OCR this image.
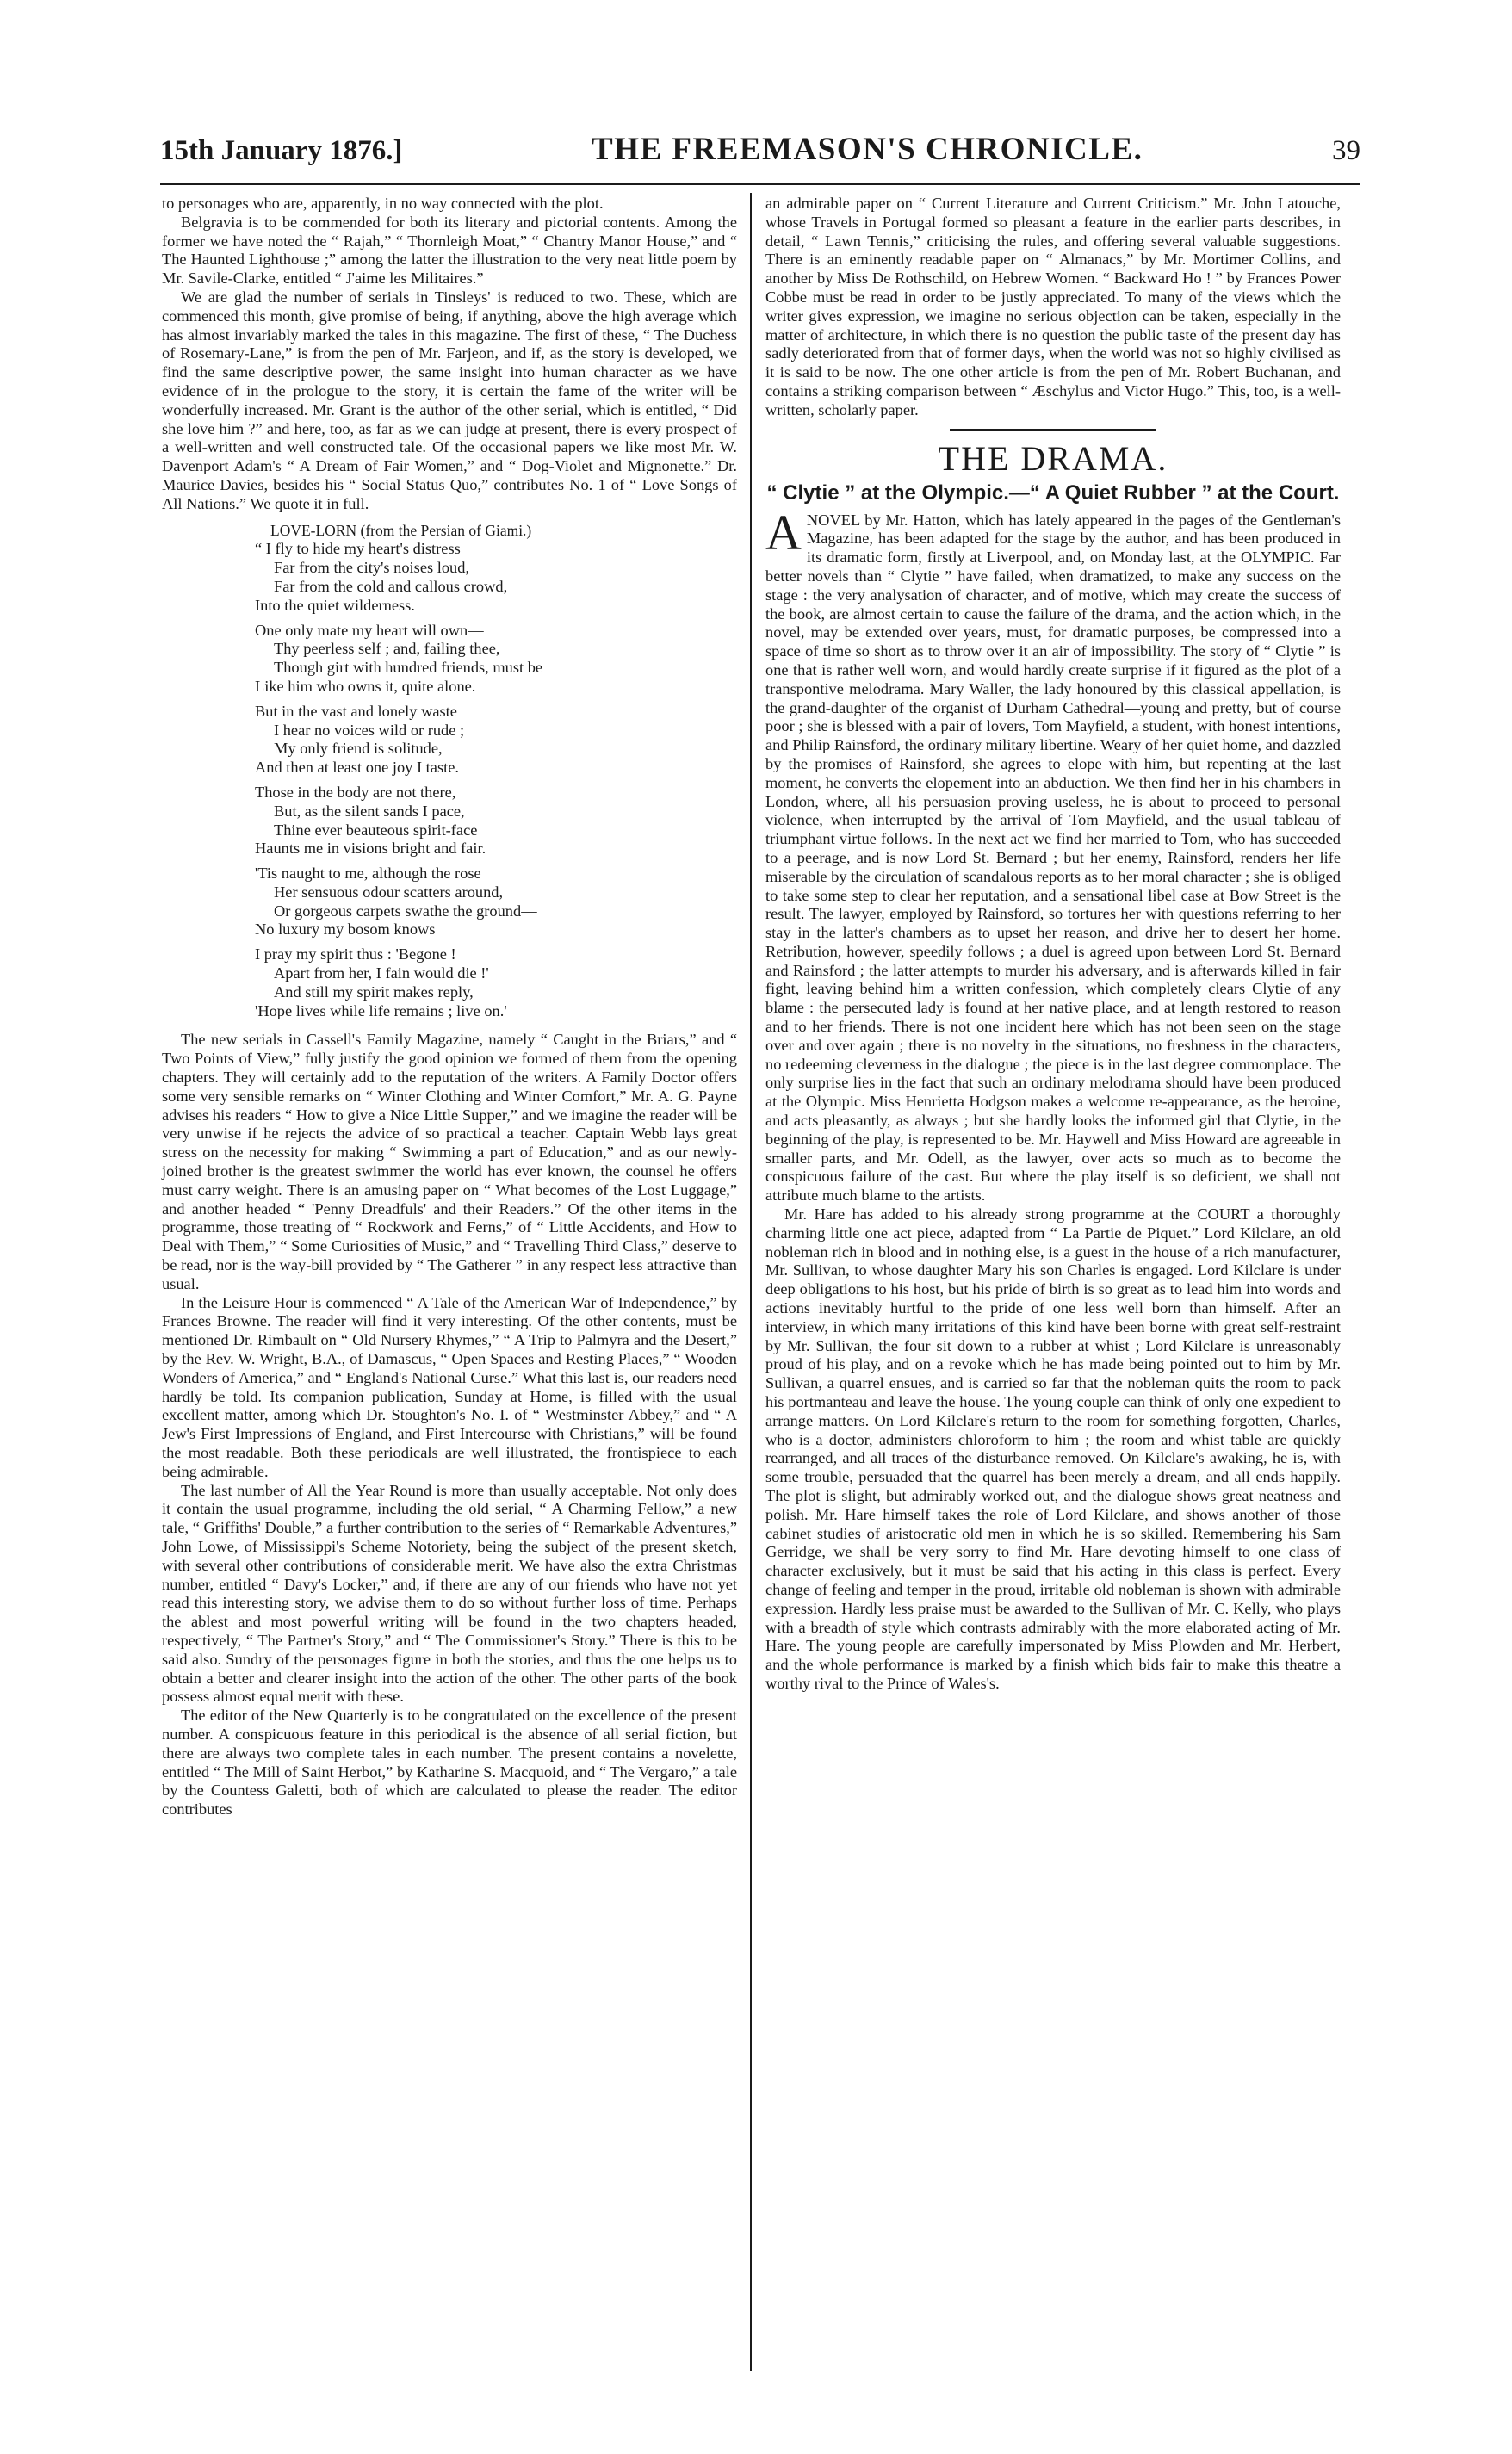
15th January 1876.]	THE FREEMASON'S CHRONICLE.	39

to personages who are, apparently, in no way connected with the plot.

Belgravia is to be commended for both its literary and pictorial contents. Among the former we have noted the “ Rajah,” “ Thornleigh Moat,” “ Chantry Manor House,” and “ The Haunted Lighthouse ;” among the latter the illustration to the very neat little poem by Mr. Savile-Clarke, entitled “ J'aime les Militaires.”

We are glad the number of serials in Tinsleys' is reduced to two. These, which are commenced this month, give promise of being, if anything, above the high average which has almost invariably marked the tales in this magazine. The first of these, “ The Duchess of Rosemary-Lane,” is from the pen of Mr. Farjeon, and if, as the story is developed, we find the same descriptive power, the same insight into human character as we have evidence of in the prologue to the story, it is certain the fame of the writer will be wonderfully increased. Mr. Grant is the author of the other serial, which is entitled, “ Did she love him ?” and here, too, as far as we can judge at present, there is every prospect of a well-written and well constructed tale. Of the occasional papers we like most Mr. W. Davenport Adam's “ A Dream of Fair Women,” and “ Dog-Violet and Mignonette.” Dr. Maurice Davies, besides his “ Social Status Quo,” contributes No. 1 of “ Love Songs of All Nations.” We quote it in full.

LOVE-LORN (from the Persian of Giami.)
“ I fly to hide my heart's distress
Far from the city's noises loud,
Far from the cold and callous crowd,
Into the quiet wilderness.
One only mate my heart will own—
Thy peerless self ; and, failing thee,
Though girt with hundred friends, must be
Like him who owns it, quite alone.
But in the vast and lonely waste
I hear no voices wild or rude ;
My only friend is solitude,
And then at least one joy I taste.
Those in the body are not there,
But, as the silent sands I pace,
Thine ever beauteous spirit-face
Haunts me in visions bright and fair.
'Tis naught to me, although the rose
Her sensuous odour scatters around,
Or gorgeous carpets swathe the ground—
No luxury my bosom knows
I pray my spirit thus : 'Begone !
Apart from her, I fain would die !'
And still my spirit makes reply,
'Hope lives while life remains ; live on.'

The new serials in Cassell's Family Magazine, namely “ Caught in the Briars,” and “ Two Points of View,” fully justify the good opinion we formed of them from the opening chapters. They will certainly add to the reputation of the writers. A Family Doctor offers some very sensible remarks on “ Winter Clothing and Winter Comfort,” Mr. A. G. Payne advises his readers “ How to give a Nice Little Supper,” and we imagine the reader will be very unwise if he rejects the advice of so practical a teacher. Captain Webb lays great stress on the necessity for making “ Swimming a part of Education,” and as our newly-joined brother is the greatest swimmer the world has ever known, the counsel he offers must carry weight. There is an amusing paper on “ What becomes of the Lost Luggage,” and another headed “ 'Penny Dreadfuls' and their Readers.” Of the other items in the programme, those treating of “ Rockwork and Ferns,” of “ Little Accidents, and How to Deal with Them,” “ Some Curiosities of Music,” and “ Travelling Third Class,” deserve to be read, nor is the way-bill provided by “ The Gatherer ” in any respect less attractive than usual.

In the Leisure Hour is commenced “ A Tale of the American War of Independence,” by Frances Browne. The reader will find it very interesting. Of the other contents, must be mentioned Dr. Rimbault on “ Old Nursery Rhymes,” “ A Trip to Palmyra and the Desert,” by the Rev. W. Wright, B.A., of Damascus, “ Open Spaces and Resting Places,” “ Wooden Wonders of America,” and “ England's National Curse.” What this last is, our readers need hardly be told. Its companion publication, Sunday at Home, is filled with the usual excellent matter, among which Dr. Stoughton's No. I. of “ Westminster Abbey,” and “ A Jew's First Impressions of England, and First Intercourse with Christians,” will be found the most readable. Both these periodicals are well illustrated, the frontispiece to each being admirable.

The last number of All the Year Round is more than usually acceptable. Not only does it contain the usual programme, including the old serial, “ A Charming Fellow,” a new tale, “ Griffiths' Double,” a further contribution to the series of “ Remarkable Adventures,” John Lowe, of Mississippi's Scheme Notoriety, being the subject of the present sketch, with several other contributions of considerable merit. We have also the extra Christmas number, entitled “ Davy's Locker,” and, if there are any of our friends who have not yet read this interesting story, we advise them to do so without further loss of time. Perhaps the ablest and most powerful writing will be found in the two chapters headed, respectively, “ The Partner's Story,” and “ The Commissioner's Story.” There is this to be said also. Sundry of the personages figure in both the stories, and thus the one helps us to obtain a better and clearer insight into the action of the other. The other parts of the book possess almost equal merit with these.

The editor of the New Quarterly is to be congratulated on the excellence of the present number. A conspicuous feature in this periodical is the absence of all serial fiction, but there are always two complete tales in each number. The present contains a novelette, entitled “ The Mill of Saint Herbot,” by Katharine S. Macquoid, and “ The Vergaro,” a tale by the Countess Galetti, both of which are calculated to please the reader. The editor contributes

an admirable paper on “ Current Literature and Current Criticism.” Mr. John Latouche, whose Travels in Portugal formed so pleasant a feature in the earlier parts describes, in detail, “ Lawn Tennis,” criticising the rules, and offering several valuable suggestions. There is an eminently readable paper on “ Almanacs,” by Mr. Mortimer Collins, and another by Miss De Rothschild, on Hebrew Women. “ Backward Ho ! ” by Frances Power Cobbe must be read in order to be justly appreciated. To many of the views which the writer gives expression, we imagine no serious objection can be taken, especially in the matter of architecture, in which there is no question the public taste of the present day has sadly deteriorated from that of former days, when the world was not so highly civilised as it is said to be now. The one other article is from the pen of Mr. Robert Buchanan, and contains a striking comparison between “ Æschylus and Victor Hugo.” This, too, is a well-written, scholarly paper.

THE DRAMA.
“ Clytie ” at the Olympic.—“ A Quiet Rubber ” at the Court.

ANOVEL by Mr. Hatton, which has lately appeared in the pages of the Gentleman's Magazine, has been adapted for the stage by the author, and has been produced in its dramatic form, firstly at Liverpool, and, on Monday last, at the OLYMPIC. Far better novels than “ Clytie ” have failed, when dramatized, to make any success on the stage : the very analysation of character, and of motive, which may create the success of the book, are almost certain to cause the failure of the drama, and the action which, in the novel, may be extended over years, must, for dramatic purposes, be compressed into a space of time so short as to throw over it an air of impossibility. The story of “ Clytie ” is one that is rather well worn, and would hardly create surprise if it figured as the plot of a transpontive melodrama. Mary Waller, the lady honoured by this classical appellation, is the grand-daughter of the organist of Durham Cathedral—young and pretty, but of course poor ; she is blessed with a pair of lovers, Tom Mayfield, a student, with honest intentions, and Philip Rainsford, the ordinary military libertine. Weary of her quiet home, and dazzled by the promises of Rainsford, she agrees to elope with him, but repenting at the last moment, he converts the elopement into an abduction. We then find her in his chambers in London, where, all his persuasion proving useless, he is about to proceed to personal violence, when interrupted by the arrival of Tom Mayfield, and the usual tableau of triumphant virtue follows. In the next act we find her married to Tom, who has succeeded to a peerage, and is now Lord St. Bernard ; but her enemy, Rainsford, renders her life miserable by the circulation of scandalous reports as to her moral character ; she is obliged to take some step to clear her reputation, and a sensational libel case at Bow Street is the result. The lawyer, employed by Rainsford, so tortures her with questions referring to her stay in the latter's chambers as to upset her reason, and drive her to desert her home. Retribution, however, speedily follows ; a duel is agreed upon between Lord St. Bernard and Rainsford ; the latter attempts to murder his adversary, and is afterwards killed in fair fight, leaving behind him a written confession, which completely clears Clytie of any blame : the persecuted lady is found at her native place, and at length restored to reason and to her friends. There is not one incident here which has not been seen on the stage over and over again ; there is no novelty in the situations, no freshness in the characters, no redeeming cleverness in the dialogue ; the piece is in the last degree commonplace. The only surprise lies in the fact that such an ordinary melodrama should have been produced at the Olympic. Miss Henrietta Hodgson makes a welcome re-appearance, as the heroine, and acts pleasantly, as always ; but she hardly looks the informed girl that Clytie, in the beginning of the play, is represented to be. Mr. Haywell and Miss Howard are agreeable in smaller parts, and Mr. Odell, as the lawyer, over acts so much as to become the conspicuous failure of the cast. But where the play itself is so deficient, we shall not attribute much blame to the artists.

Mr. Hare has added to his already strong programme at the COURT a thoroughly charming little one act piece, adapted from “ La Partie de Piquet.” Lord Kilclare, an old nobleman rich in blood and in nothing else, is a guest in the house of a rich manufacturer, Mr. Sullivan, to whose daughter Mary his son Charles is engaged. Lord Kilclare is under deep obligations to his host, but his pride of birth is so great as to lead him into words and actions inevitably hurtful to the pride of one less well born than himself. After an interview, in which many irritations of this kind have been borne with great self-restraint by Mr. Sullivan, the four sit down to a rubber at whist ; Lord Kilclare is unreasonably proud of his play, and on a revoke which he has made being pointed out to him by Mr. Sullivan, a quarrel ensues, and is carried so far that the nobleman quits the room to pack his portmanteau and leave the house. The young couple can think of only one expedient to arrange matters. On Lord Kilclare's return to the room for something forgotten, Charles, who is a doctor, administers chloroform to him ; the room and whist table are quickly rearranged, and all traces of the disturbance removed. On Kilclare's awaking, he is, with some trouble, persuaded that the quarrel has been merely a dream, and all ends happily. The plot is slight, but admirably worked out, and the dialogue shows great neatness and polish. Mr. Hare himself takes the role of Lord Kilclare, and shows another of those cabinet studies of aristocratic old men in which he is so skilled. Remembering his Sam Gerridge, we shall be very sorry to find Mr. Hare devoting himself to one class of character exclusively, but it must be said that his acting in this class is perfect. Every change of feeling and temper in the proud, irritable old nobleman is shown with admirable expression. Hardly less praise must be awarded to the Sullivan of Mr. C. Kelly, who plays with a breadth of style which contrasts admirably with the more elaborated acting of Mr. Hare. The young people are carefully impersonated by Miss Plowden and Mr. Herbert, and the whole performance is marked by a finish which bids fair to make this theatre a worthy rival to the Prince of Wales's.
